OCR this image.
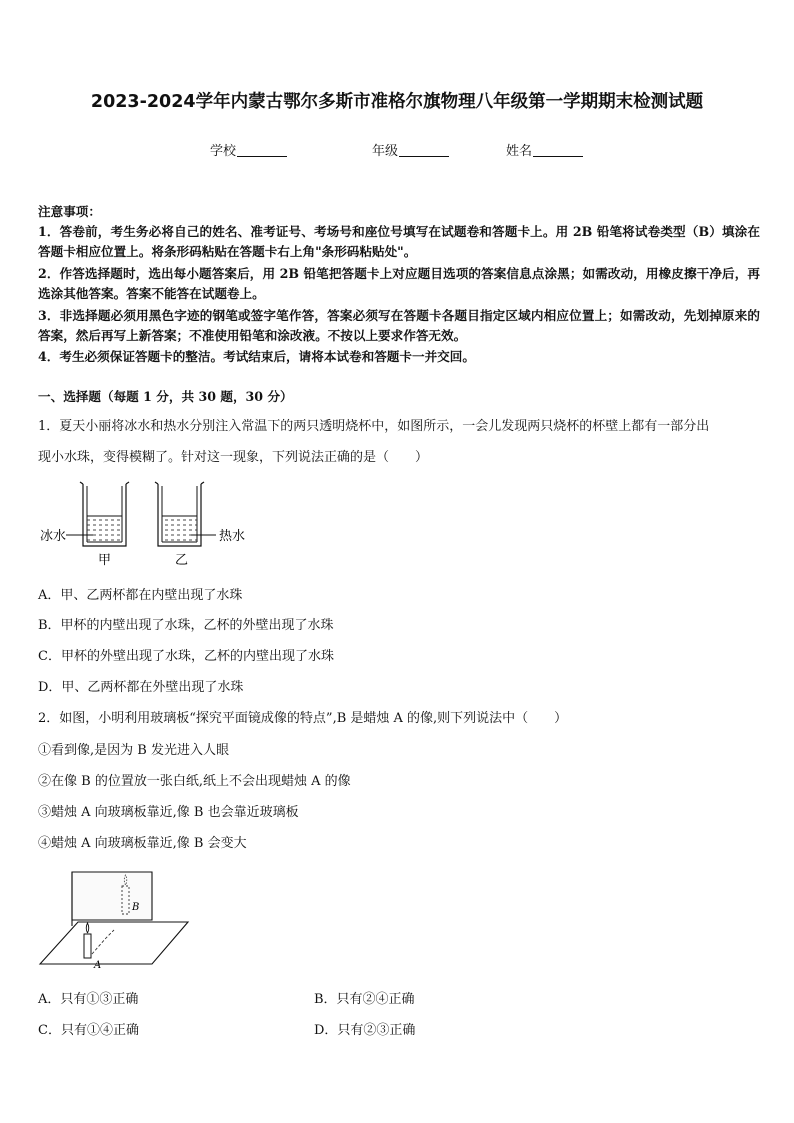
2023-2024学年内蒙古鄂尔多斯市准格尔旗物理八年级第一学期期末检测试题
学校	年级	姓名
注意事项：
1．答卷前，考生务必将自己的姓名、准考证号、考场号和座位号填写在试题卷和答题卡上。用 2B 铅笔将试卷类型（B）填涂在答题卡相应位置上。将条形码粘贴在答题卡右上角"条形码粘贴处"。
2．作答选择题时，选出每小题答案后，用 2B 铅笔把答题卡上对应题目选项的答案信息点涂黑；如需改动，用橡皮擦干净后，再选涂其他答案。答案不能答在试题卷上。
3．非选择题必须用黑色字迹的钢笔或签字笔作答，答案必须写在答题卡各题目指定区域内相应位置上；如需改动，先划掉原来的答案，然后再写上新答案；不准使用铅笔和涂改液。不按以上要求作答无效。
4．考生必须保证答题卡的整洁。考试结束后，请将本试卷和答题卡一并交回。
一、选择题（每题 1 分，共 30 题，30 分）
1．夏天小丽将冰水和热水分别注入常温下的两只透明烧杯中，如图所示，一会儿发现两只烧杯的杯壁上都有一部分出
现小水珠，变得模糊了。针对这一现象，下列说法正确的是（　　）
冰水	热水
甲	乙
A．甲、乙两杯都在内壁出现了水珠
B．甲杯的内壁出现了水珠，乙杯的外壁出现了水珠
C．甲杯的外壁出现了水珠，乙杯的内壁出现了水珠
D．甲、乙两杯都在外壁出现了水珠
2．如图，小明利用玻璃板“探究平面镜成像的特点”,B 是蜡烛 A 的像,则下列说法中（　　）
①看到像,是因为 B 发光进入人眼
②在像 B 的位置放一张白纸,纸上不会出现蜡烛 A 的像
③蜡烛 A 向玻璃板靠近,像 B 也会靠近玻璃板
④蜡烛 A 向玻璃板靠近,像 B 会变大
B
A
A．只有①③正确	B．只有②④正确
C．只有①④正确	D．只有②③正确
